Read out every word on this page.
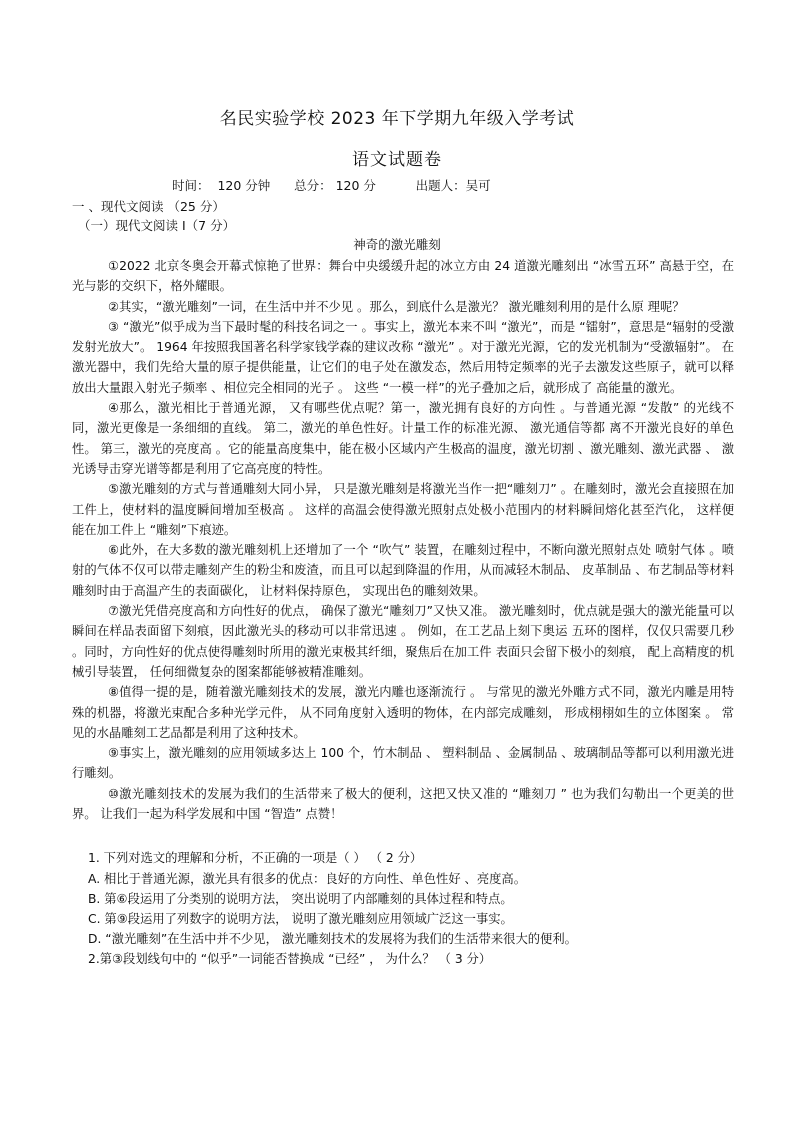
名民实验学校 2023 年下学期九年级入学考试
语文试题卷
时间：  120 分钟      总分： 120 分          出题人：吴可
一 、现代文阅读 （25 分）
（一）现代文阅读 Ⅰ（7 分）
神奇的激光雕刻

①2022 北京冬奥会开幕式惊艳了世界：舞台中央缓缓升起的冰立方由 24 道激光雕刻出 “冰雪五环” 高悬于空，在光与影的交织下，格外耀眼。

②其实，“激光雕刻”一词，在生活中并不少见 。那么，到底什么是激光？ 激光雕刻利用的是什么原 理呢？

③ “激光”似乎成为当下最时髦的科技名词之一 。事实上，激光本来不叫 “激光”，而是 “镭射”，意思是“辐射的受激发射光放大”。 1964 年按照我国著名科学家钱学森的建议改称 “激光” 。对于激光光源，它的发光机制为“受激辐射”。 在激光器中，我们先给大量的原子提供能量，让它们的电子处在激发态，然后用特定频率的光子去激发这些原子，就可以释放出大量跟入射光子频率 、相位完全相同的光子 。 这些 “一模一样”的光子叠加之后，就形成了 高能量的激光。

④那么，激光相比于普通光源， 又有哪些优点呢？第一，激光拥有良好的方向性 。与普通光源 “发散” 的光线不同，激光更像是一条细细的直线。 第二，激光的单色性好。计量工作的标准光源、 激光通信等都 离不开激光良好的单色性。 第三，激光的亮度高 。它的能量高度集中，能在极小区域内产生极高的温度，激光切割 、激光雕刻、激光武器 、 激光诱导击穿光谱等都是利用了它高亮度的特性。

⑤激光雕刻的方式与普通雕刻大同小异， 只是激光雕刻是将激光当作一把“雕刻刀” 。在雕刻时，激光会直接照在加工件上，使材料的温度瞬间增加至极高 。 这样的高温会使得激光照射点处极小范围内的材料瞬间熔化甚至汽化， 这样便能在加工件上 “雕刻”下痕迹。

⑥此外，在大多数的激光雕刻机上还增加了一个 “吹气” 装置，在雕刻过程中，不断向激光照射点处 喷射气体 。喷射的气体不仅可以带走雕刻产生的粉尘和废渣，而且可以起到降温的作用，从而减轻木制品、 皮革制品 、布艺制品等材料雕刻时由于高温产生的表面碳化， 让材料保持原色， 实现出色的雕刻效果。

⑦激光凭借亮度高和方向性好的优点， 确保了激光“雕刻刀”又快又准。 激光雕刻时，优点就是强大的激光能量可以瞬间在样品表面留下刻痕，因此激光头的移动可以非常迅速 。 例如，在工艺品上刻下奥运 五环的图样，仅仅只需要几秒 。同时，方向性好的优点使得雕刻时所用的激光束极其纤细，聚焦后在加工件 表面只会留下极小的刻痕， 配上高精度的机械引导装置， 任何细微复杂的图案都能够被精准雕刻。

⑧值得一提的是，随着激光雕刻技术的发展，激光内雕也逐渐流行 。 与常见的激光外雕方式不同，激光内雕是用特殊的机器，将激光束配合多种光学元件， 从不同角度射入透明的物体，在内部完成雕刻， 形成栩栩如生的立体图案 。 常见的水晶雕刻工艺品都是利用了这种技术。

⑨事实上，激光雕刻的应用领域多达上 100 个，竹木制品 、 塑料制品 、金属制品 、玻璃制品等都可以利用激光进行雕刻。

⑩激光雕刻技术的发展为我们的生活带来了极大的便利，这把又快又准的 “雕刻刀 ” 也为我们勾勒出一个更美的世界。 让我们一起为科学发展和中国 “智造” 点赞！

1. 下列对选文的理解和分析，不正确的一项是（ ） （ 2 分）
A. 相比于普通光源，激光具有很多的优点：良好的方向性、单色性好 、亮度高。
B. 第⑥段运用了分类别的说明方法， 突出说明了内部雕刻的具体过程和特点。
C. 第⑨段运用了列数字的说明方法， 说明了激光雕刻应用领域广泛这一事实。
D. “激光雕刻”在生活中并不少见， 激光雕刻技术的发展将为我们的生活带来很大的便利。
2.第③段划线句中的 “似乎”一词能否替换成 “已经” ， 为什么？ （ 3 分）
